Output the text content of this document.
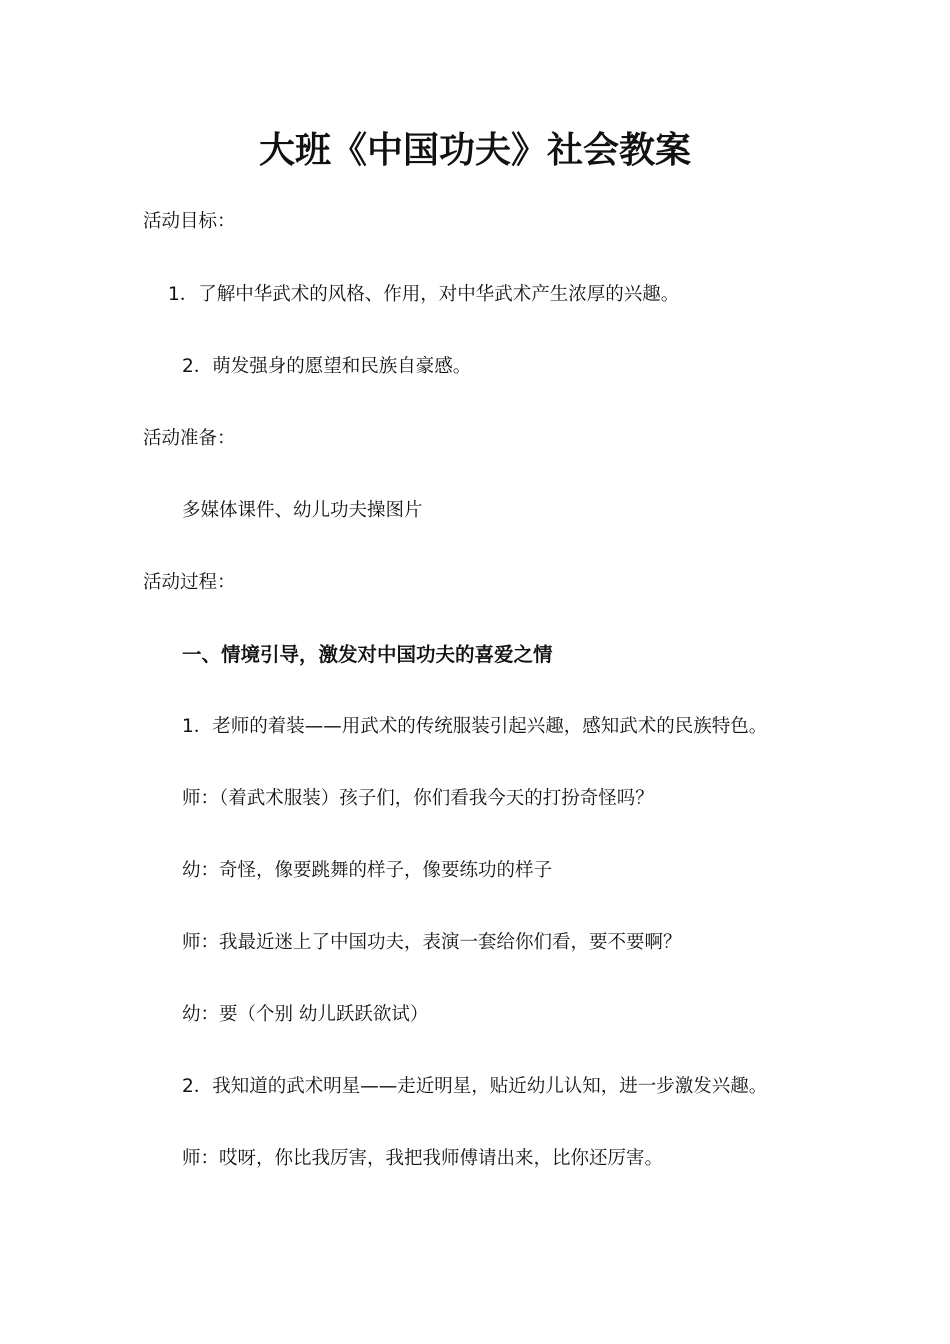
大班《中国功夫》社会教案

活动目标：

1．了解中华武术的风格、作用，对中华武术产生浓厚的兴趣。

2．萌发强身的愿望和民族自豪感。

活动准备：

多媒体课件、幼儿功夫操图片

活动过程：

一、情境引导，激发对中国功夫的喜爱之情

1．老师的着装——用武术的传统服装引起兴趣，感知武术的民族特色。

师：（着武术服装）孩子们，你们看我今天的打扮奇怪吗？

幼：奇怪，像要跳舞的样子，像要练功的样子

师：我最近迷上了中国功夫，表演一套给你们看，要不要啊？

幼：要（个别 幼儿跃跃欲试）

2．我知道的武术明星——走近明星，贴近幼儿认知，进一步激发兴趣。

师：哎呀，你比我厉害，我把我师傅请出来，比你还厉害。
